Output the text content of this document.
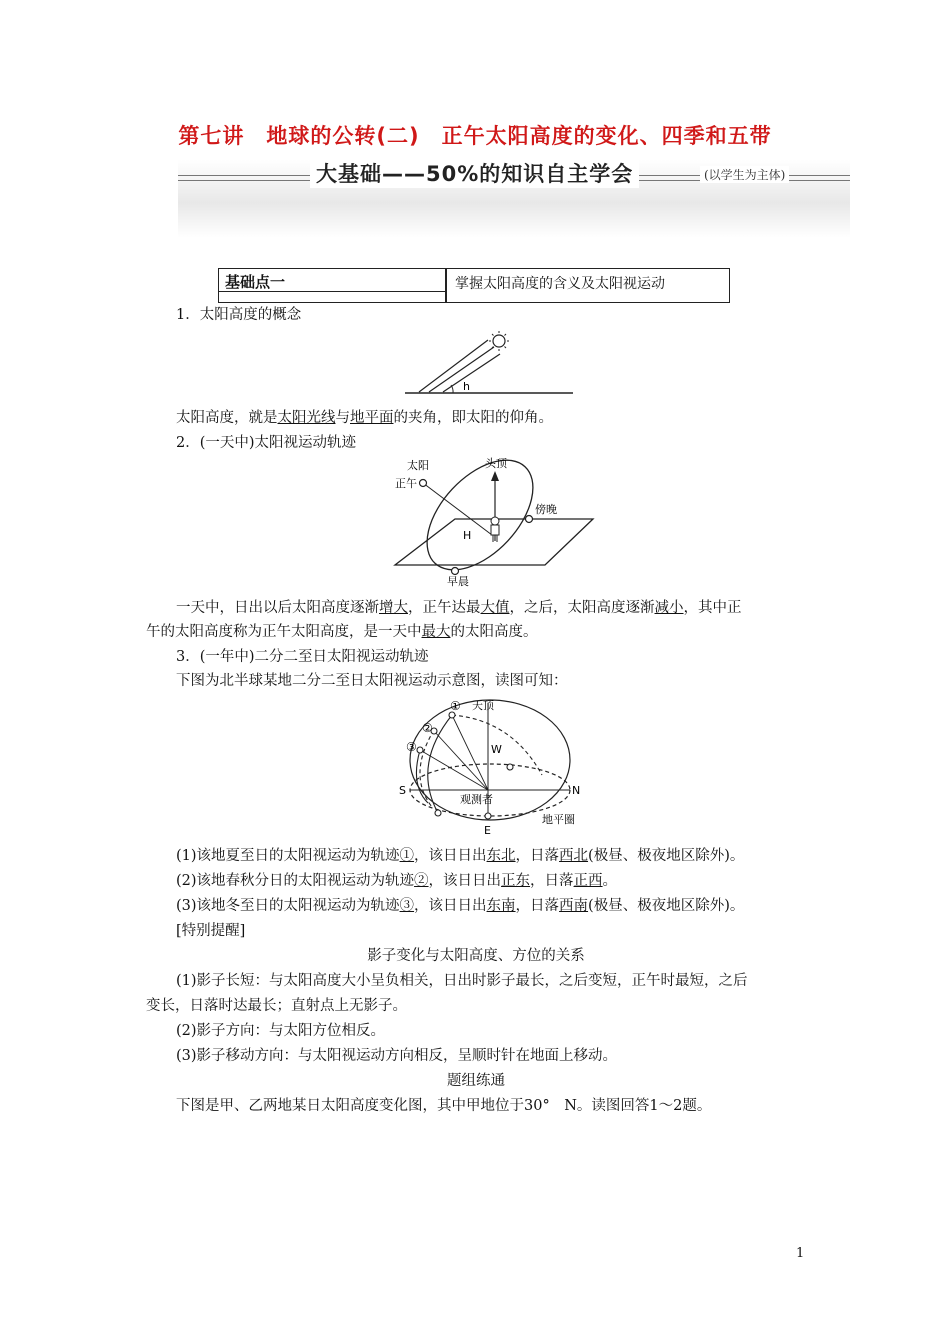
第七讲　地球的公转(二)　正午太阳高度的变化、四季和五带
大基础——50%的知识自主学会	(以学生为主体)
基础点一	掌握太阳高度的含义及太阳视运动
1．太阳高度的概念
h
太阳高度，就是太阳光线与地平面的夹角，即太阳的仰角。
2．(一天中)太阳视运动轨迹
太阳
正午
头顶
傍晚
早晨
H
一天中，日出以后太阳高度逐渐增大，正午达最大值，之后，太阳高度逐渐减小，其中正
午的太阳高度称为正午太阳高度，是一天中最大的太阳高度。
3．(一年中)二分二至日太阳视运动轨迹
下图为北半球某地二分二至日太阳视运动示意图，读图可知：
①
②
③
天顶
W
S	N
E
观测者
地平圈
(1)该地夏至日的太阳视运动为轨迹①，该日日出东北，日落西北(极昼、极夜地区除外)。
(2)该地春秋分日的太阳视运动为轨迹②，该日日出正东，日落正西。
(3)该地冬至日的太阳视运动为轨迹③，该日日出东南，日落西南(极昼、极夜地区除外)。
[特别提醒]
影子变化与太阳高度、方位的关系
(1)影子长短：与太阳高度大小呈负相关，日出时影子最长，之后变短，正午时最短，之后
变长，日落时达最长；直射点上无影子。
(2)影子方向：与太阳方位相反。
(3)影子移动方向：与太阳视运动方向相反，呈顺时针在地面上移动。
题组练通
下图是甲、乙两地某日太阳高度变化图，其中甲地位于30°　N。读图回答1～2题。
1
